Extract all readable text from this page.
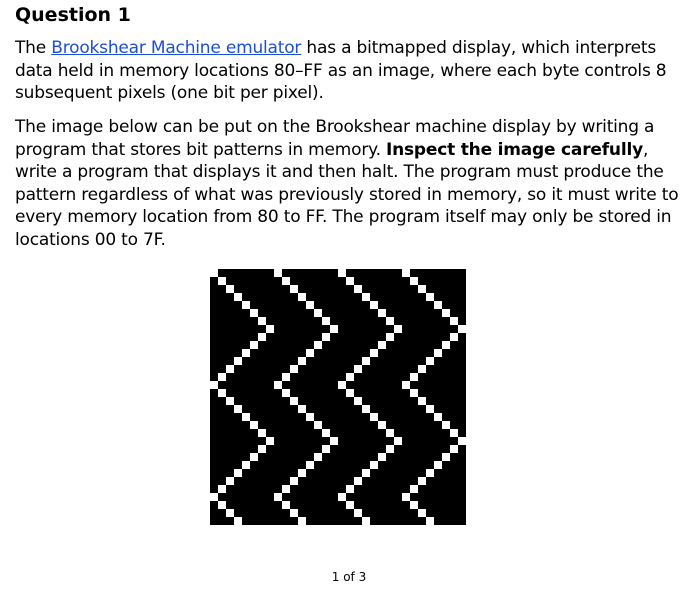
Question 1
The Brookshear Machine emulator has a bitmapped display, which interprets data held in memory locations 80–FF as an image, where each byte controls 8 subsequent pixels (one bit per pixel).
The image below can be put on the Brookshear machine display by writing a program that stores bit patterns in memory. Inspect the image carefully, write a program that displays it and then halt. The program must produce the pattern regardless of what was previously stored in memory, so it must write to every memory location from 80 to FF. The program itself may only be stored in locations 00 to 7F.
1 of 3
